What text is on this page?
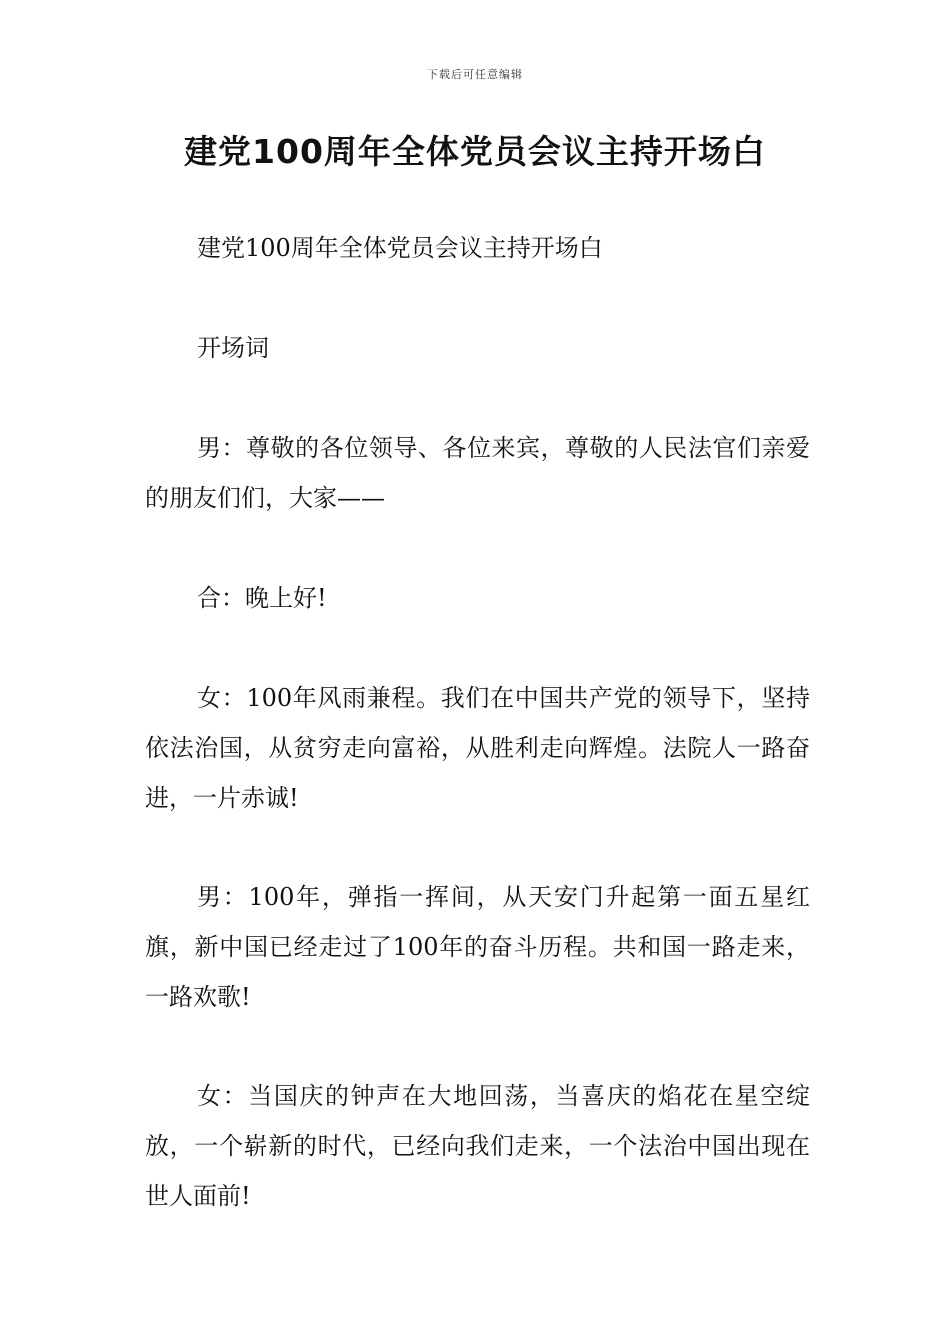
下载后可任意编辑
建党100周年全体党员会议主持开场白

建党100周年全体党员会议主持开场白

开场词

男：尊敬的各位领导、各位来宾，尊敬的人民法官们亲爱的朋友们们，大家——

合：晚上好!

女：100年风雨兼程。我们在中国共产党的领导下，坚持依法治国，从贫穷走向富裕，从胜利走向辉煌。法院人一路奋进，一片赤诚!

男：100年，弹指一挥间，从天安门升起第一面五星红旗，新中国已经走过了100年的奋斗历程。共和国一路走来，一路欢歌!

女：当国庆的钟声在大地回荡，当喜庆的焰花在星空绽放，一个崭新的时代，已经向我们走来，一个法治中国出现在世人面前!
